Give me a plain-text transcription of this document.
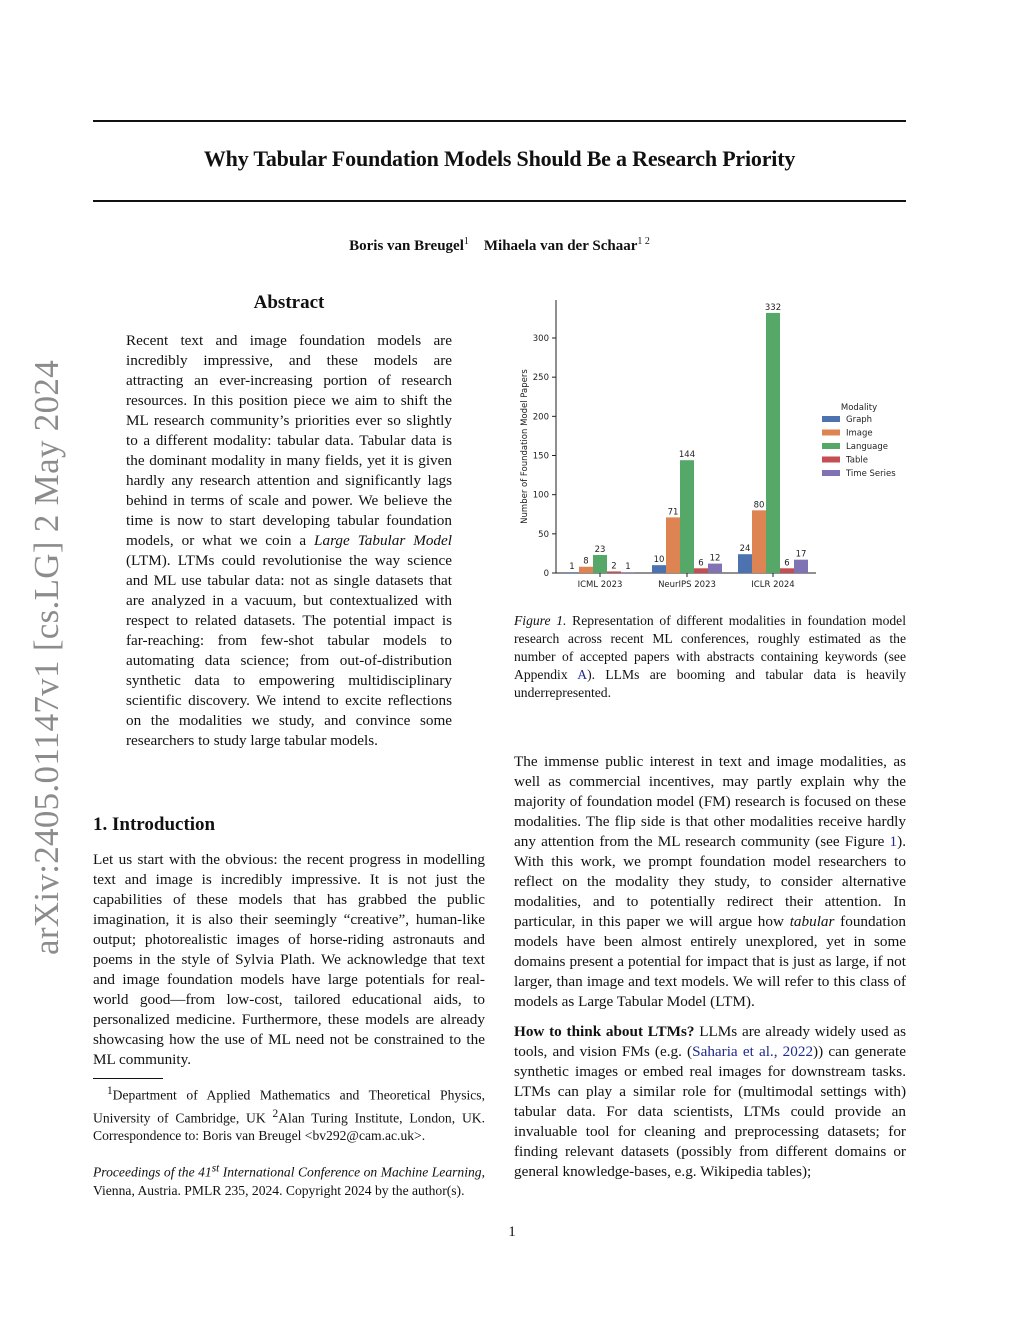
Why Tabular Foundation Models Should Be a Research Priority
Boris van Breugel$^1$ Mihaela van der Schaar$^{1 2}$
arXiv:2405.01147v1 [cs.LG] 2 May 2024
Abstract

Recent text and image foundation models are incredibly impressive, and these models are attracting an ever-increasing portion of research resources. In this position piece we aim to shift the ML research community’s priorities ever so slightly to a different modality: tabular data. Tabular data is the dominant modality in many fields, yet it is given hardly any research attention and significantly lags behind in terms of scale and power. We believe the time is now to start developing tabular foundation models, or what we coin a Large Tabular Model (LTM). LTMs could revolutionise the way science and ML use tabular data: not as single datasets that are analyzed in a vacuum, but contextualized with respect to related datasets. The potential impact is far-reaching: from few-shot tabular models to automating data science; from out-of-distribution synthetic data to empowering multidisciplinary scientific discovery. We intend to excite reflections on the modalities we study, and convince some researchers to study large tabular models.

1. Introduction

Let us start with the obvious: the recent progress in modelling text and image is incredibly impressive. It is not just the capabilities of these models that has grabbed the public imagination, it is also their seemingly “creative”, human-like output; photorealistic images of horse-riding astronauts and poems in the style of Sylvia Plath. We acknowledge that text and image foundation models have large potentials for real-world good—from low-cost, tailored educational aids, to personalized medicine. Furthermore, these models are already showcasing how the use of ML need not be constrained to the ML community.

$^1$Department of Applied Mathematics and Theoretical Physics, University of Cambridge, UK $^2$Alan Turing Institute, London, UK. Correspondence to: Boris van Breugel <bv292@cam.ac.uk>.

Proceedings of the 41st International Conference on Machine Learning, Vienna, Austria. PMLR 235, 2024. Copyright 2024 by the author(s).

0
50
100
150
200
250
300
Number of Foundation Model Papers
1
8
23
2 1
ICML 2023
10
71
144
6 12
NeurIPS 2023
24
80
332
6
17
ICLR 2024
Modality
Graph
Image
Language
Table
Time Series
Figure 1. Representation of different modalities in foundation model research across recent ML conferences, roughly estimated as the number of accepted papers with abstracts containing keywords (see Appendix A). LLMs are booming and tabular data is heavily underrepresented.

The immense public interest in text and image modalities, as well as commercial incentives, may partly explain why the majority of foundation model (FM) research is focused on these modalities. The flip side is that other modalities receive hardly any attention from the ML research community (see Figure 1). With this work, we prompt foundation model researchers to reflect on the modality they study, to consider alternative modalities, and to potentially redirect their attention. In particular, in this paper we will argue how tabular foundation models have been almost entirely unexplored, yet in some domains present a potential for impact that is just as large, if not larger, than image and text models. We will refer to this class of models as Large Tabular Model (LTM).

How to think about LTMs? LLMs are already widely used as tools, and vision FMs (e.g. (Saharia et al., 2022)) can generate synthetic images or embed real images for downstream tasks. LTMs can play a similar role for (multimodal settings with) tabular data. For data scientists, LTMs could provide an invaluable tool for cleaning and preprocessing datasets; for finding relevant datasets (possibly from different domains or general knowledge-bases, e.g. Wikipedia tables);

1
